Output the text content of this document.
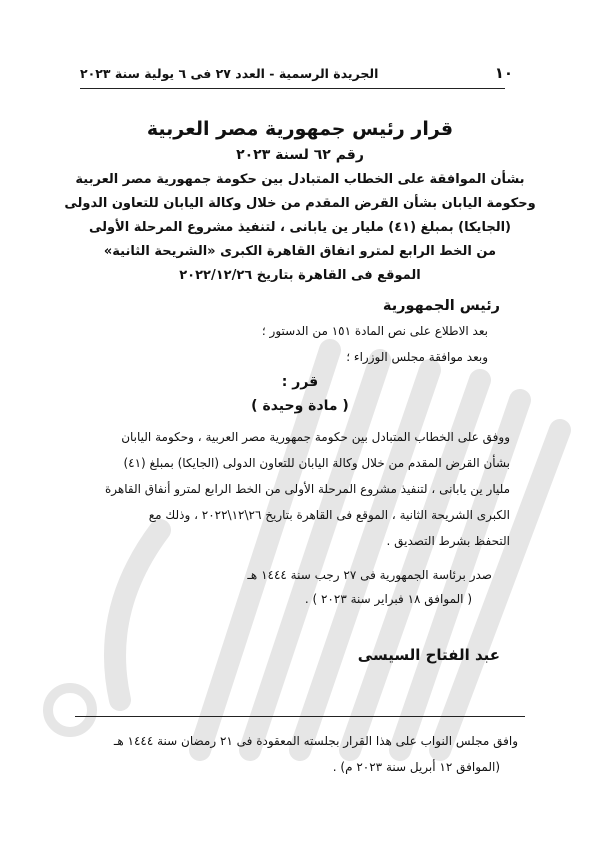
١٠
الجريدة الرسمية - العدد ٢٧ فى ٦ يولية سنة ٢٠٢٣
قرار رئيس جمهورية مصر العربية
رقم ٦٢ لسنة ٢٠٢٣
بشأن الموافقة على الخطاب المتبادل بين حكومة جمهورية مصر العربية
وحكومة اليابان بشأن القرض المقدم من خلال وكالة اليابان للتعاون الدولى
(الجايكا) بمبلغ (٤١) مليار ين يابانى ، لتنفيذ مشروع المرحلة الأولى
من الخط الرابع لمترو انفاق القاهرة الكبرى «الشريحة الثانية»
الموقع فى القاهرة بتاريخ ٢٠٢٢/١٢/٢٦
رئيس الجمهورية
بعد الاطلاع على نص المادة ١٥١ من الدستور ؛
وبعد موافقة مجلس الوزراء ؛
قرر :
( مادة وحيدة )
ووفق على الخطاب المتبادل بين حكومة جمهورية مصر العربية ، وحكومة اليابان
بشأن القرض المقدم من خلال وكالة اليابان للتعاون الدولى (الجايكا) بمبلغ (٤١)
مليار ين يابانى ، لتنفيذ مشروع المرحلة الأولى من الخط الرابع لمترو أنفاق القاهرة
الكبرى الشريحة الثانية ، الموقع فى القاهرة بتاريخ ٢٦\١٢\٢٠٢٢ ، وذلك مع
التحفظ بشرط التصديق .
صدر برئاسة الجمهورية فى ٢٧ رجب سنة ١٤٤٤ هـ
( الموافق ١٨ فبراير سنة ٢٠٢٣ ) .
عبد الفتاح السيسى
وافق مجلس النواب على هذا القرار بجلسته المعقودة فى ٢١ رمضان سنة ١٤٤٤ هـ
(الموافق ١٢ أبريل سنة ٢٠٢٣ م) .
